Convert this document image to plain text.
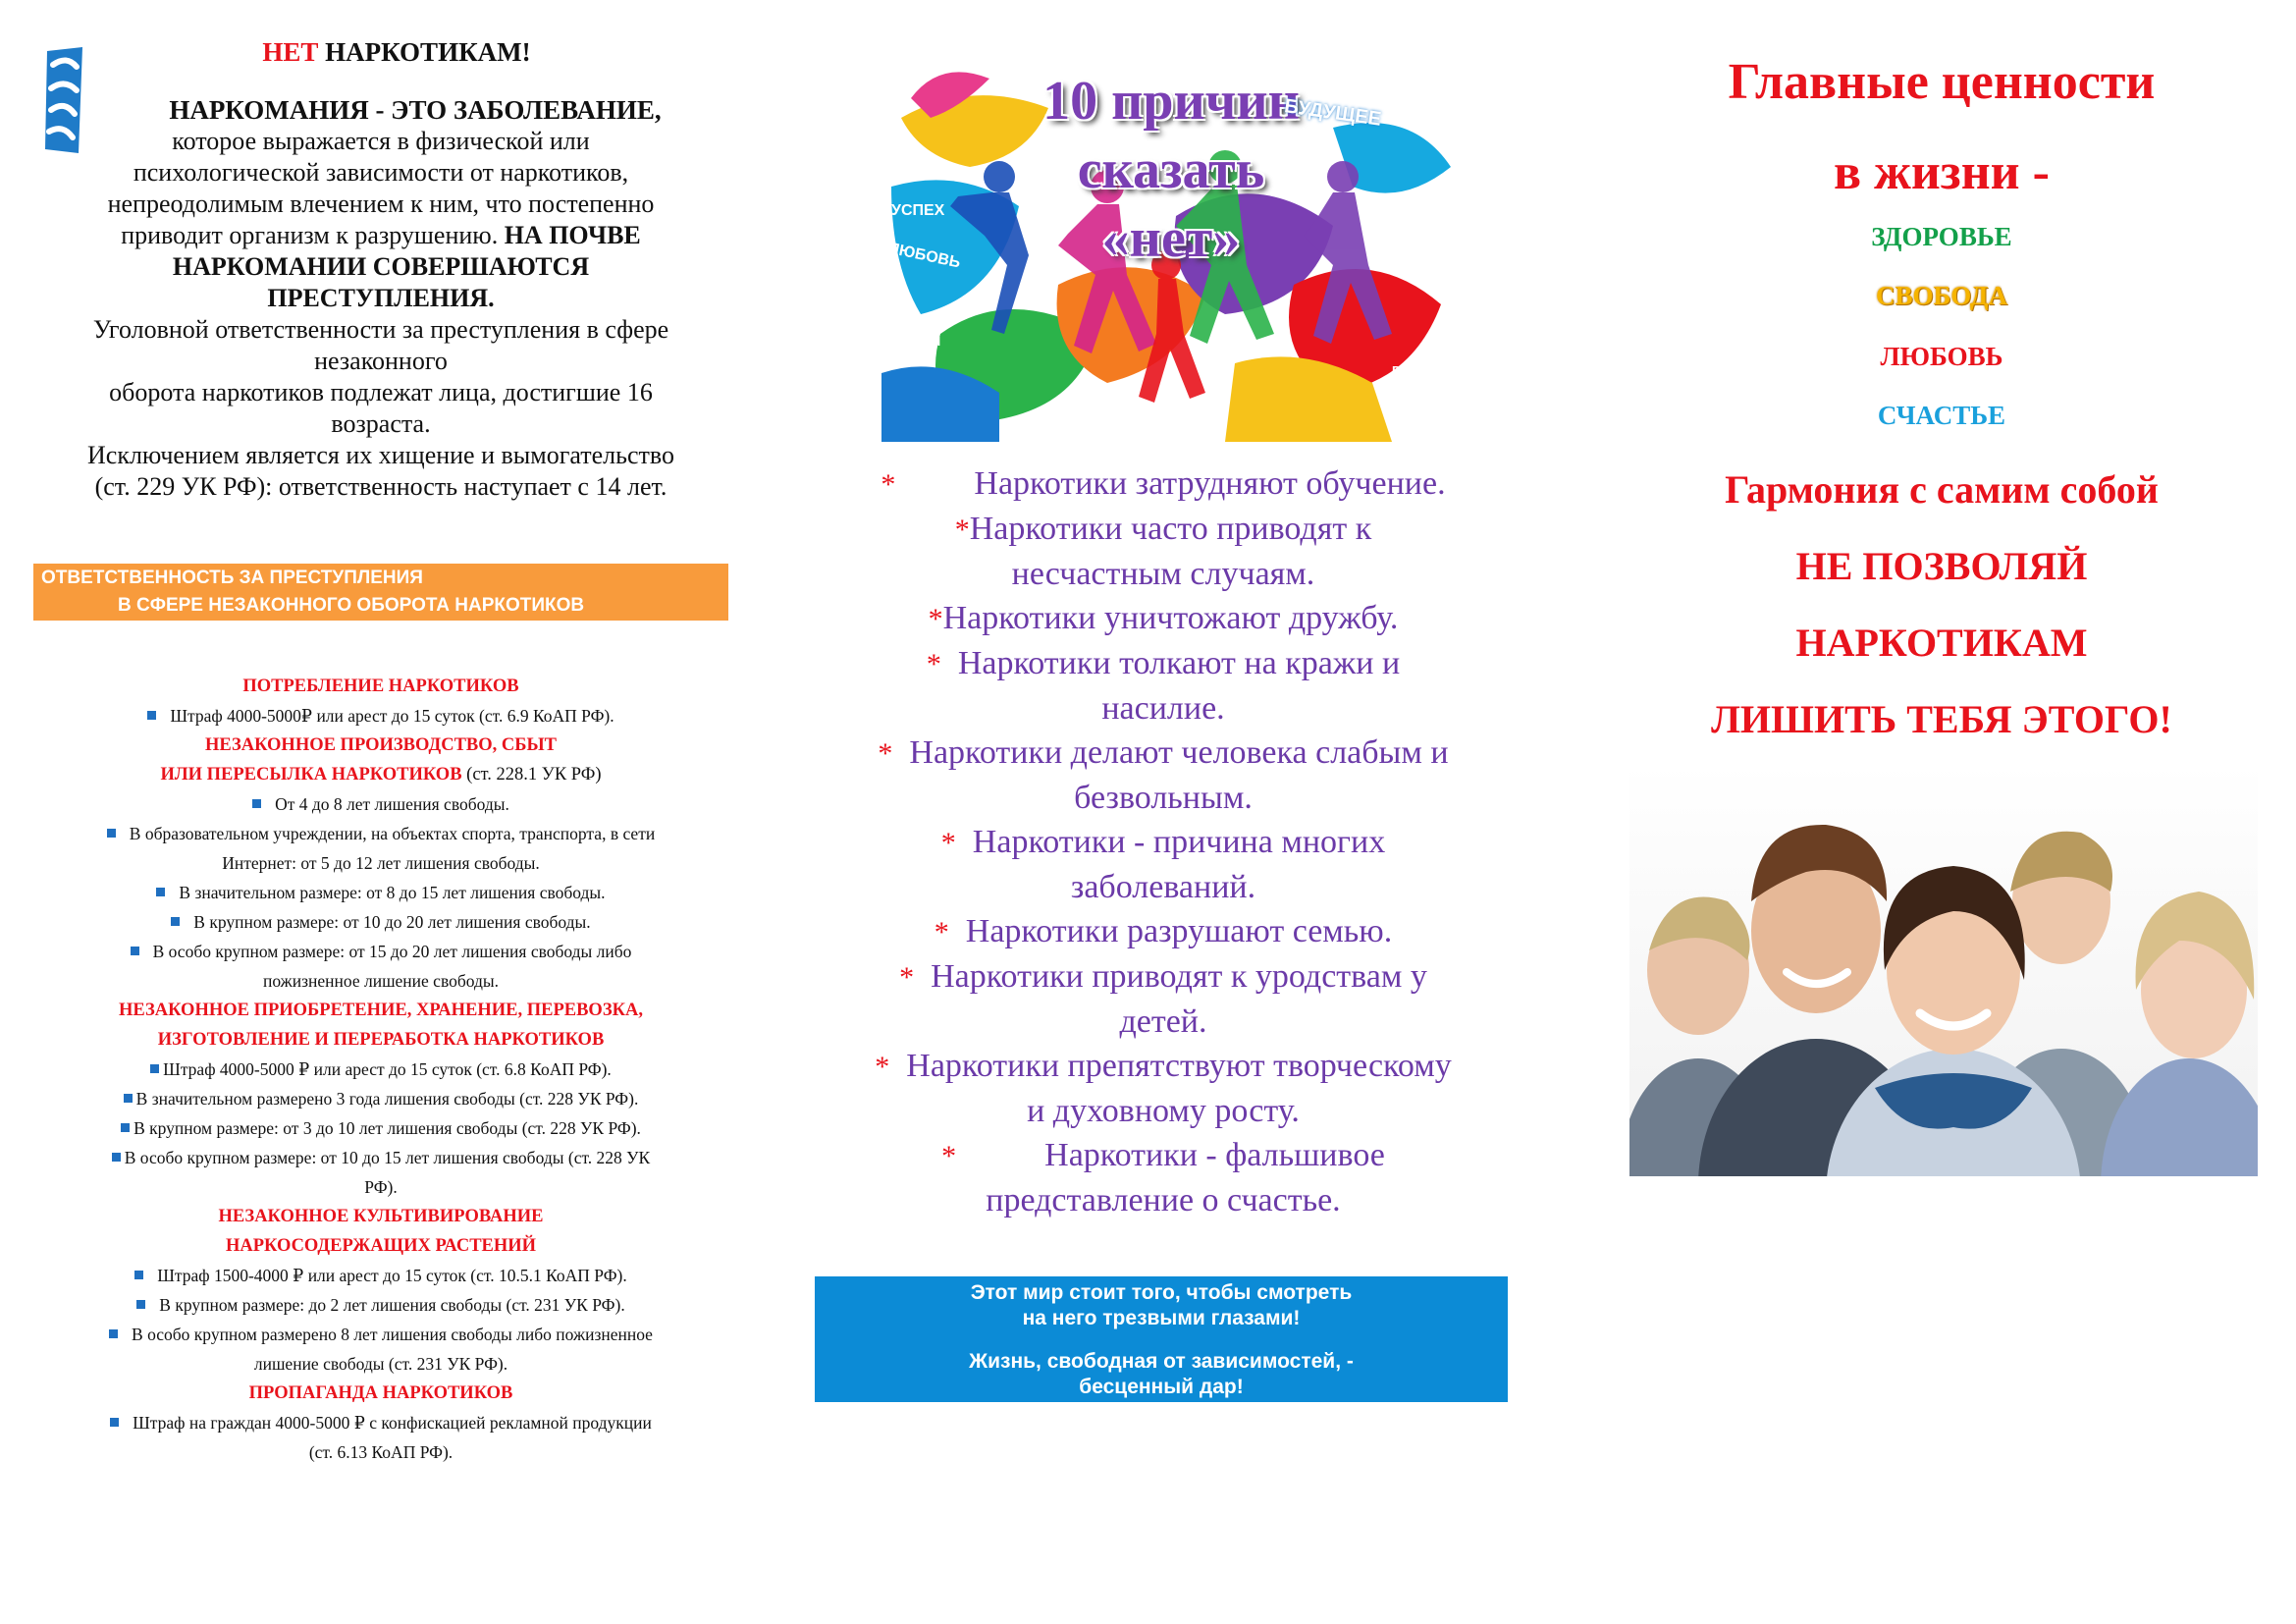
НЕТ НАРКОТИКАМ!
НАРКОМАНИЯ - ЭТО ЗАБОЛЕВАНИЕ,
которое выражается в физической или
психологической зависимости от наркотиков,
непреодолимым влечением к ним, что постепенно
приводит организм к разрушению. НА ПОЧВЕ
НАРКОМАНИИ СОВЕРШАЮТСЯ
ПРЕСТУПЛЕНИЯ.
Уголовной ответственности за преступления в сфере
незаконного
оборота наркотиков подлежат лица, достигшие 16
возраста.
Исключением является их хищение и вымогательство
(ст. 229 УК РФ): ответственность наступает с 14 лет.
ОТВЕТСТВЕННОСТЬ ЗА ПРЕСТУПЛЕНИЯ
В СФЕРЕ НЕЗАКОННОГО ОБОРОТА НАРКОТИКОВ
ПОТРЕБЛЕНИЕ НАРКОТИКОВ
Штраф 4000-5000₽ или арест до 15 суток (ст. 6.9 КоАП РФ).
НЕЗАКОННОЕ ПРОИЗВОДСТВО, СБЫТ
ИЛИ ПЕРЕСЫЛКА НАРКОТИКОВ (ст. 228.1 УК РФ)
От 4 до 8 лет лишения свободы.
В образовательном учреждении, на объектах спорта, транспорта, в сети
Интернет: от 5 до 12 лет лишения свободы.
В значительном размере: от 8 до 15 лет лишения свободы.
В крупном размере: от 10 до 20 лет лишения свободы.
В особо крупном размере: от 15 до 20 лет лишения свободы либо
пожизненное лишение свободы.
НЕЗАКОННОЕ ПРИОБРЕТЕНИЕ, ХРАНЕНИЕ, ПЕРЕВОЗКА,
ИЗГОТОВЛЕНИЕ И ПЕРЕРАБОТКА НАРКОТИКОВ
Штраф 4000-5000 ₽ или арест до 15 суток (ст. 6.8 КоАП РФ).
В значительном размерено 3 года лишения свободы (ст. 228 УК РФ).
В крупном размере: от 3 до 10 лет лишения свободы (ст. 228 УК РФ).
В особо крупном размере: от 10 до 15 лет лишения свободы (ст. 228 УК
РФ).
НЕЗАКОННОЕ КУЛЬТИВИРОВАНИЕ
НАРКОСОДЕРЖАЩИХ РАСТЕНИЙ
Штраф 1500-4000 ₽ или арест до 15 суток (ст. 10.5.1 КоАП РФ).
В крупном размере: до 2 лет лишения свободы (ст. 231 УК РФ).
В особо крупном размерено 8 лет лишения свободы либо пожизненное
лишение свободы (ст. 231 УК РФ).
ПРОПАГАНДА НАРКОТИКОВ
Штраф на граждан 4000-5000 ₽ с конфискацией рекламной продукции
(ст. 6.13 КоАП РФ).
10 причин
сказать
«нет»
БУДУЩЕЕ
УСПЕХ
ЛЮБОВЬ
ДРУЗЬЯ
РАДОСТЬ
* Наркотики затрудняют обучение.
*Наркотики часто приводят к
несчастным случаям.
*Наркотики уничтожают дружбу.
* Наркотики толкают на кражи и
насилие.
* Наркотики делают человека слабым и
безвольным.
* Наркотики - причина многих
заболеваний.
* Наркотики разрушают семью.
* Наркотики приводят к уродствам у
детей.
* Наркотики препятствуют творческому
и духовному росту.
*	Наркотики - фальшивое
представление о счастье.
Этот мир стоит того, чтобы смотреть
на него трезвыми глазами!
Жизнь, свободная от зависимостей, -
бесценный дар!
Главные ценности
в жизни -
ЗДОРОВЬЕ
СВОБОДА
ЛЮБОВЬ
СЧАСТЬЕ
Гармония с самим собой
НЕ ПОЗВОЛЯЙ
НАРКОТИКАМ
ЛИШИТЬ ТЕБЯ ЭТОГО!
